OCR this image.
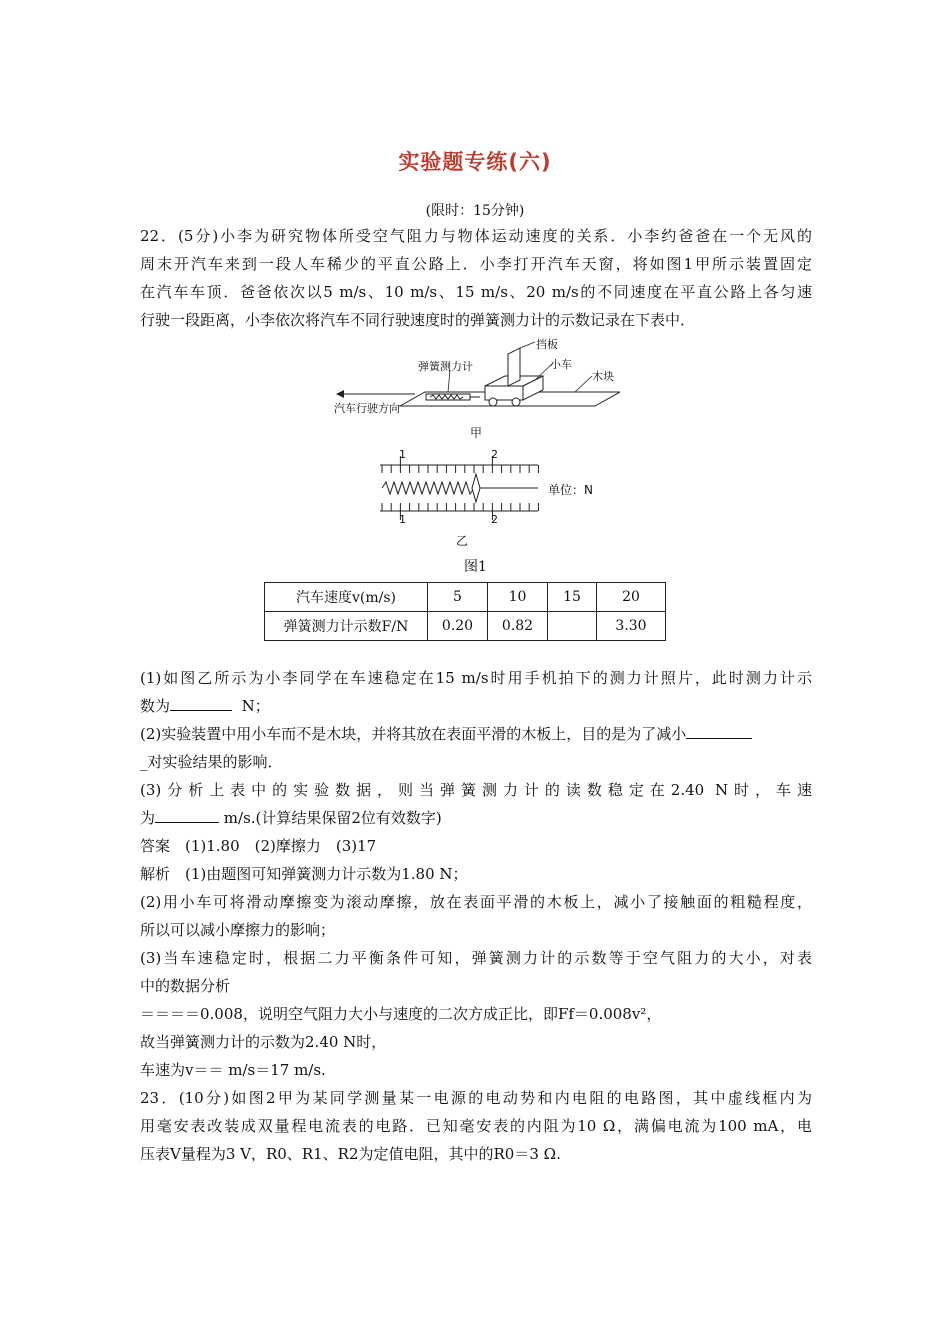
实验题专练(六)
(限时：15分钟)
22．(5分)小李为研究物体所受空气阻力与物体运动速度的关系．小李约爸爸在一个无风的
周末开汽车来到一段人车稀少的平直公路上．小李打开汽车天窗，将如图1甲所示装置固定
在汽车车顶．爸爸依次以5 m/s、10 m/s、15 m/s、20 m/s的不同速度在平直公路上各匀速
行驶一段距离，小李依次将汽车不同行驶速度时的弹簧测力计的示数记录在下表中．
弹簧测力计
挡板
小车
木块
汽车行驶方向
甲
1	2
1	2
单位：N
乙
图1
汽车速度v(m/s)	5	10	15	20
弹簧测力计示数F/N	0.20	0.82		3.30
(1)如图乙所示为小李同学在车速稳定在15 m/s时用手机拍下的测力计照片，此时测力计示
数为	N；
(2)实验装置中用小车而不是木块，并将其放在表面平滑的木板上，目的是为了减小
_对实验结果的影响．
(3)分析上表中的实验数据，则当弹簧测力计的读数稳定在2.40 N时，车速
为	m/s.(计算结果保留2位有效数字)
答案　(1)1.80　(2)摩擦力　(3)17
解析　(1)由题图可知弹簧测力计示数为1.80 N；
(2)用小车可将滑动摩擦变为滚动摩擦，放在表面平滑的木板上，减小了接触面的粗糙程度，
所以可以减小摩擦力的影响；
(3)当车速稳定时，根据二力平衡条件可知，弹簧测力计的示数等于空气阻力的大小，对表
中的数据分析
＝＝＝＝0.008，说明空气阻力大小与速度的二次方成正比，即Ff＝0.008v²，
故当弹簧测力计的示数为2.40 N时，
车速为v＝＝ m/s＝17 m/s.
23．(10分)如图2甲为某同学测量某一电源的电动势和内电阻的电路图，其中虚线框内为
用毫安表改装成双量程电流表的电路．已知毫安表的内阻为10 Ω，满偏电流为100 mA，电
压表V量程为3 V，R0、R1、R2为定值电阻，其中的R0＝3 Ω.
